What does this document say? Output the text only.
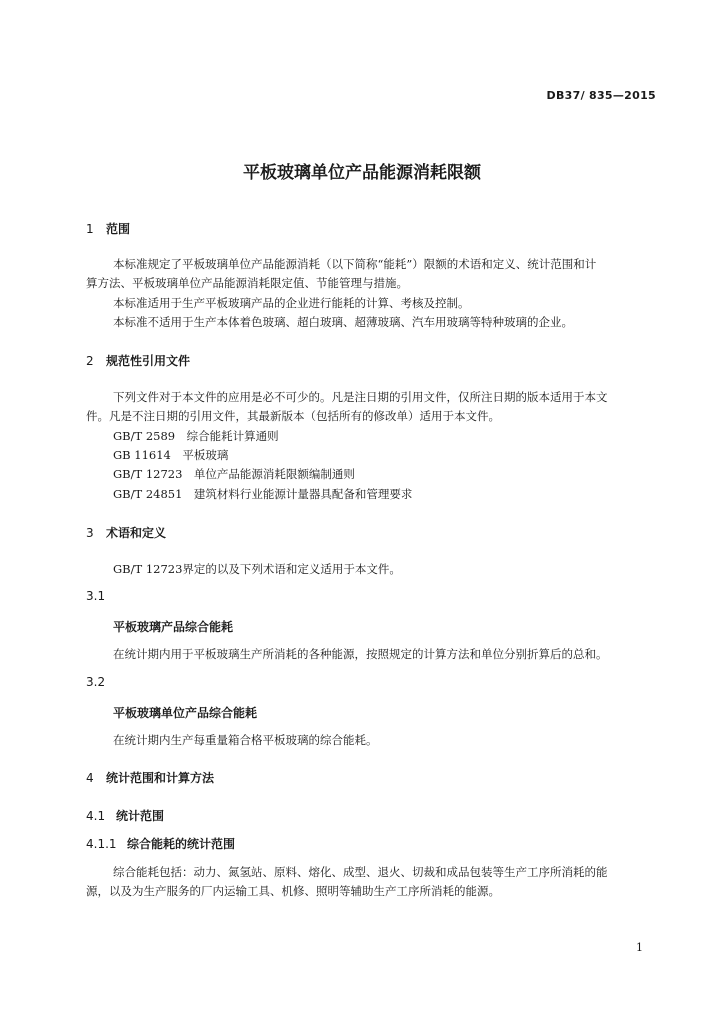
DB37/ 835—2015
平板玻璃单位产品能源消耗限额
1 范围
本标准规定了平板玻璃单位产品能源消耗（以下简称“能耗”）限额的术语和定义、统计范围和计
算方法、平板玻璃单位产品能源消耗限定值、节能管理与措施。
本标准适用于生产平板玻璃产品的企业进行能耗的计算、考核及控制。
本标准不适用于生产本体着色玻璃、超白玻璃、超薄玻璃、汽车用玻璃等特种玻璃的企业。
2 规范性引用文件
下列文件对于本文件的应用是必不可少的。凡是注日期的引用文件，仅所注日期的版本适用于本文
件。凡是不注日期的引用文件，其最新版本（包括所有的修改单）适用于本文件。
GB/T 2589　综合能耗计算通则
GB 11614　平板玻璃
GB/T 12723　单位产品能源消耗限额编制通则
GB/T 24851　建筑材料行业能源计量器具配备和管理要求
3 术语和定义
GB/T 12723界定的以及下列术语和定义适用于本文件。
3.1
平板玻璃产品综合能耗
在统计期内用于平板玻璃生产所消耗的各种能源，按照规定的计算方法和单位分别折算后的总和。
3.2
平板玻璃单位产品综合能耗
在统计期内生产每重量箱合格平板玻璃的综合能耗。
4 统计范围和计算方法
4.1 统计范围
4.1.1 综合能耗的统计范围
综合能耗包括：动力、氮氢站、原料、熔化、成型、退火、切裁和成品包装等生产工序所消耗的能
源，以及为生产服务的厂内运输工具、机修、照明等辅助生产工序所消耗的能源。
1
